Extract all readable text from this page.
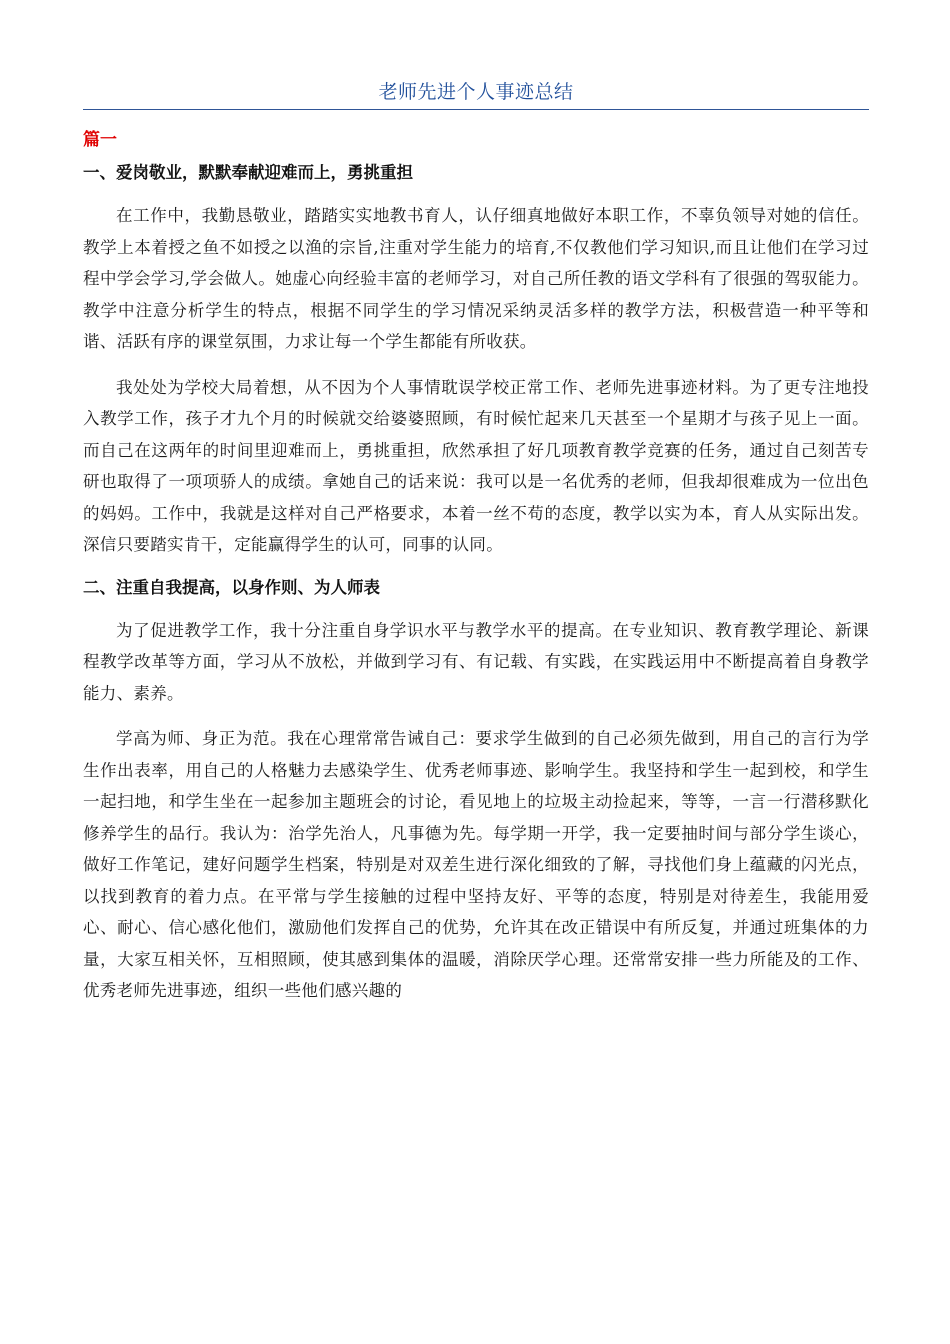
老师先进个人事迹总结
篇一
一、爱岗敬业，默默奉献迎难而上，勇挑重担

在工作中，我勤恳敬业，踏踏实实地教书育人，认仔细真地做好本职工作，不辜负领导对她的信任。教学上本着授之鱼不如授之以渔的宗旨,注重对学生能力的培育,不仅教他们学习知识,而且让他们在学习过程中学会学习,学会做人。她虚心向经验丰富的老师学习，对自己所任教的语文学科有了很强的驾驭能力。教学中注意分析学生的特点，根据不同学生的学习情况采纳灵活多样的教学方法，积极营造一种平等和谐、活跃有序的课堂氛围，力求让每一个学生都能有所收获。

我处处为学校大局着想，从不因为个人事情耽误学校正常工作、老师先进事迹材料。为了更专注地投入教学工作，孩子才九个月的时候就交给婆婆照顾，有时候忙起来几天甚至一个星期才与孩子见上一面。而自己在这两年的时间里迎难而上，勇挑重担，欣然承担了好几项教育教学竞赛的任务，通过自己刻苦专研也取得了一项项骄人的成绩。拿她自己的话来说：我可以是一名优秀的老师，但我却很难成为一位出色的妈妈。工作中，我就是这样对自己严格要求，本着一丝不苟的态度，教学以实为本，育人从实际出发。深信只要踏实肯干，定能赢得学生的认可，同事的认同。

二、注重自我提高，以身作则、为人师表

为了促进教学工作，我十分注重自身学识水平与教学水平的提高。在专业知识、教育教学理论、新课程教学改革等方面，学习从不放松，并做到学习有、有记载、有实践，在实践运用中不断提高着自身教学能力、素养。

学高为师、身正为范。我在心理常常告诫自己：要求学生做到的自己必须先做到，用自己的言行为学生作出表率，用自己的人格魅力去感染学生、优秀老师事迹、影响学生。我坚持和学生一起到校，和学生一起扫地，和学生坐在一起参加主题班会的讨论，看见地上的垃圾主动捡起来，等等，一言一行潜移默化修养学生的品行。我认为：治学先治人，凡事德为先。每学期一开学，我一定要抽时间与部分学生谈心，做好工作笔记，建好问题学生档案，特别是对双差生进行深化细致的了解，寻找他们身上蕴藏的闪光点，以找到教育的着力点。在平常与学生接触的过程中坚持友好、平等的态度，特别是对待差生，我能用爱心、耐心、信心感化他们，激励他们发挥自己的优势，允许其在改正错误中有所反复，并通过班集体的力量，大家互相关怀，互相照顾，使其感到集体的温暖，消除厌学心理。还常常安排一些力所能及的工作、优秀老师先进事迹，组织一些他们感兴趣的
